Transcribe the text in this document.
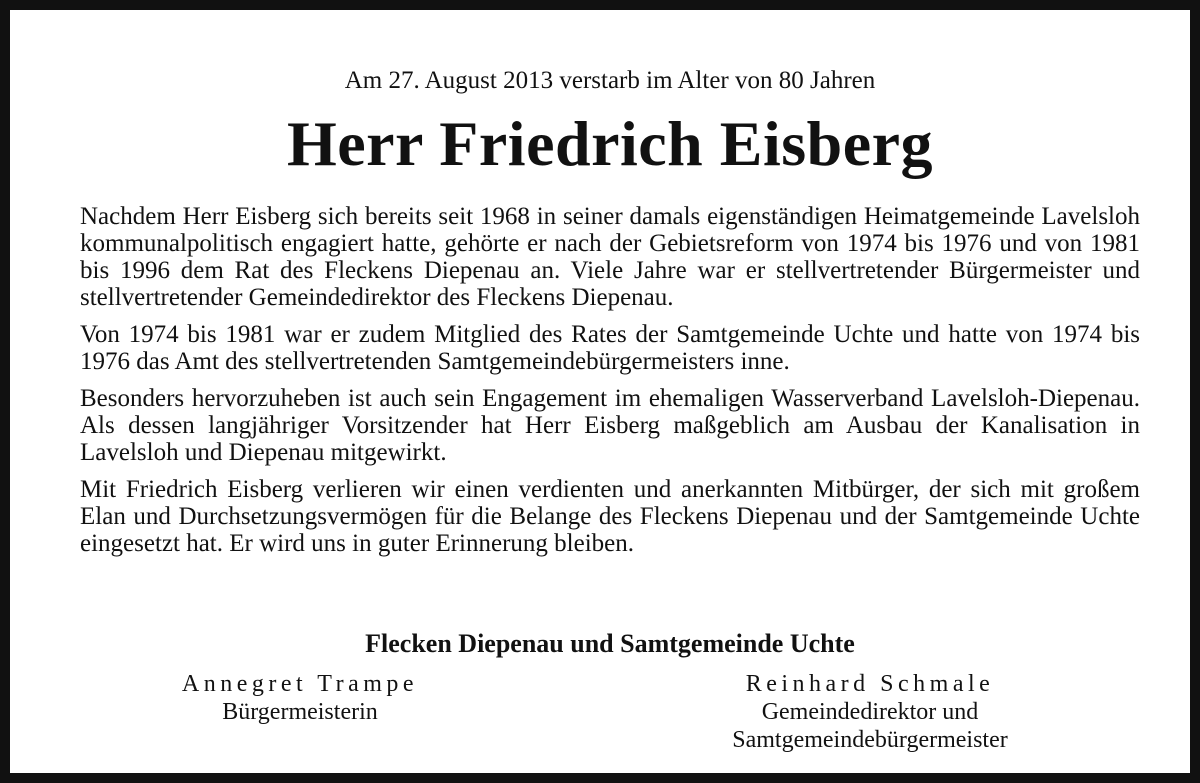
Am 27. August 2013 verstarb im Alter von 80 Jahren
Herr Friedrich Eisberg

Nachdem Herr Eisberg sich bereits seit 1968 in seiner damals eigenständigen Heimatgemeinde Lavelsloh kommunalpolitisch engagiert hatte, gehörte er nach der Gebietsreform von 1974 bis 1976 und von 1981 bis 1996 dem Rat des Fleckens Diepenau an. Viele Jahre war er stellvertretender Bürgermeister und stellvertretender Gemeindedirektor des Fleckens Diepenau.

Von 1974 bis 1981 war er zudem Mitglied des Rates der Samtgemeinde Uchte und hatte von 1974 bis 1976 das Amt des stellvertretenden Samtgemeindebürgermeisters inne.

Besonders hervorzuheben ist auch sein Engagement im ehemaligen Wasserverband Lavelsloh-Diepenau. Als dessen langjähriger Vorsitzender hat Herr Eisberg maßgeblich am Ausbau der Kanalisation in Lavelsloh und Diepenau mitgewirkt.

Mit Friedrich Eisberg verlieren wir einen verdienten und anerkannten Mitbürger, der sich mit großem Elan und Durchsetzungsvermögen für die Belange des Fleckens Diepenau und der Samtgemeinde Uchte eingesetzt hat. Er wird uns in guter Erinnerung bleiben.

Flecken Diepenau und Samtgemeinde Uchte
Annegret Trampe
Bürgermeisterin
Reinhard Schmale
Gemeindedirektor und
Samtgemeindebürgermeister
